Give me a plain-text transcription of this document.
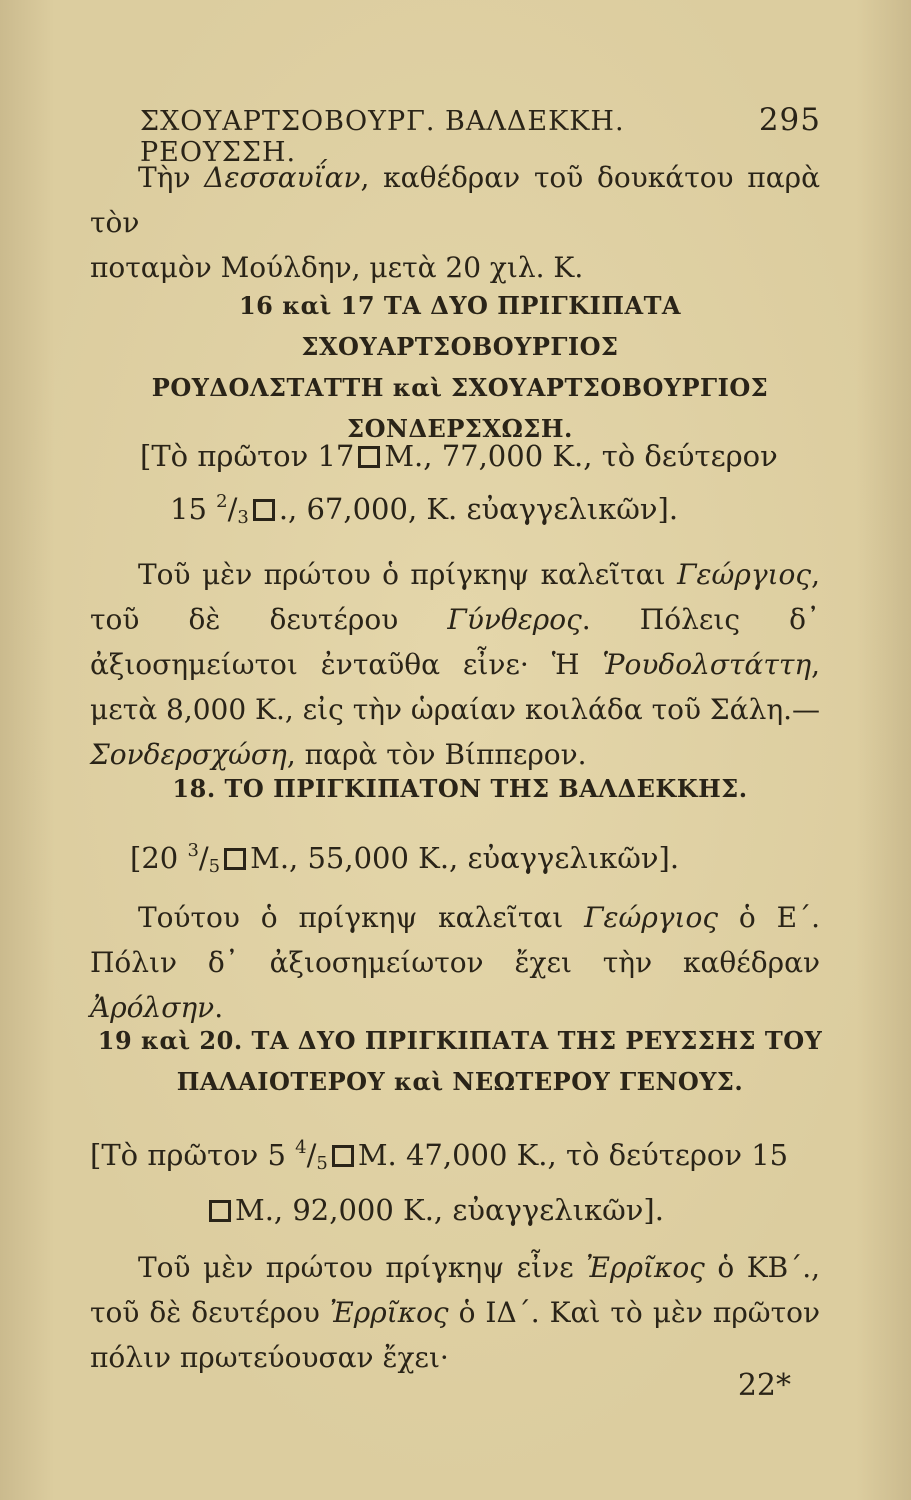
ΣΧΟΥΑΡΤΣΟΒΟΥΡΓ. ΒΑΛΔΕΚΚΗ. ΡΕΟΥΣΣΗ.
295

Τὴν Δεσσαυΐαν, καθέδραν τοῦ δουκάτου παρὰ τὸν

ποταμὸν Μούλδην, μετὰ 20 χιλ. Κ.

16 καὶ 17 ΤΑ ΔΥΟ ΠΡΙΓΚΙΠΑΤΑ ΣΧΟΥΑΡΤΣΟΒΟΥΡΓΙΟΣ
ΡΟΥΔΟΛΣΤΑΤΤΗ καὶ ΣΧΟΥΑΡΤΣΟΒΟΥΡΓΙΟΣ
ΣΟΝΔΕΡΣΧΩΣΗ.
[Τὸ πρῶτον 17 Μ., 77,000 Κ., τὸ δεύτερον
15 $^2/_3$ ., 67,000, Κ. εὐαγγελικῶν].

Τοῦ μὲν πρώτου ὁ πρίγκηψ καλεῖται Γεώργιος, τοῦ δὲ δευτέρου Γύνθερος. Πόλεις δ᾽ ἀξιοσημείωτοι ἐνταῦθα εἶνε· Ἡ Ῥουδολστάττη, μετὰ 8,000 Κ., εἰς τὴν ὡραίαν κοιλάδα τοῦ Σάλη.—Σονδερσχώση, παρὰ τὸν Βίππερον.

18. ΤΟ ΠΡΙΓΚΙΠΑΤΟΝ ΤΗΣ ΒΑΛΔΕΚΚΗΣ.
[20 $^3/_5$ Μ., 55,000 Κ., εὐαγγελικῶν].

Τούτου ὁ πρίγκηψ καλεῖται Γεώργιος ὁ Ε΄. Πόλιν δ᾽ ἀξιοσημείωτον ἔχει τὴν καθέδραν Ἀρόλσην.

19 καὶ 20. ΤΑ ΔΥΟ ΠΡΙΓΚΙΠΑΤΑ ΤΗΣ ΡΕΥΣΣΗΣ ΤΟΥ
ΠΑΛΑΙΟΤΕΡΟΥ καὶ ΝΕΩΤΕΡΟΥ ΓΕΝΟΥΣ.
[Τὸ πρῶτον 5 $^4/_5$ Μ. 47,000 Κ., τὸ δεύτερον 15
Μ., 92,000 Κ., εὐαγγελικῶν].

Τοῦ μὲν πρώτου πρίγκηψ εἶνε Ἐρρῖκος ὁ ΚΒ΄., τοῦ δὲ δευτέρου Ἐρρῖκος ὁ ΙΔ΄. Καὶ τὸ μὲν πρῶτον πόλιν πρωτεύουσαν ἔχει·

22*
